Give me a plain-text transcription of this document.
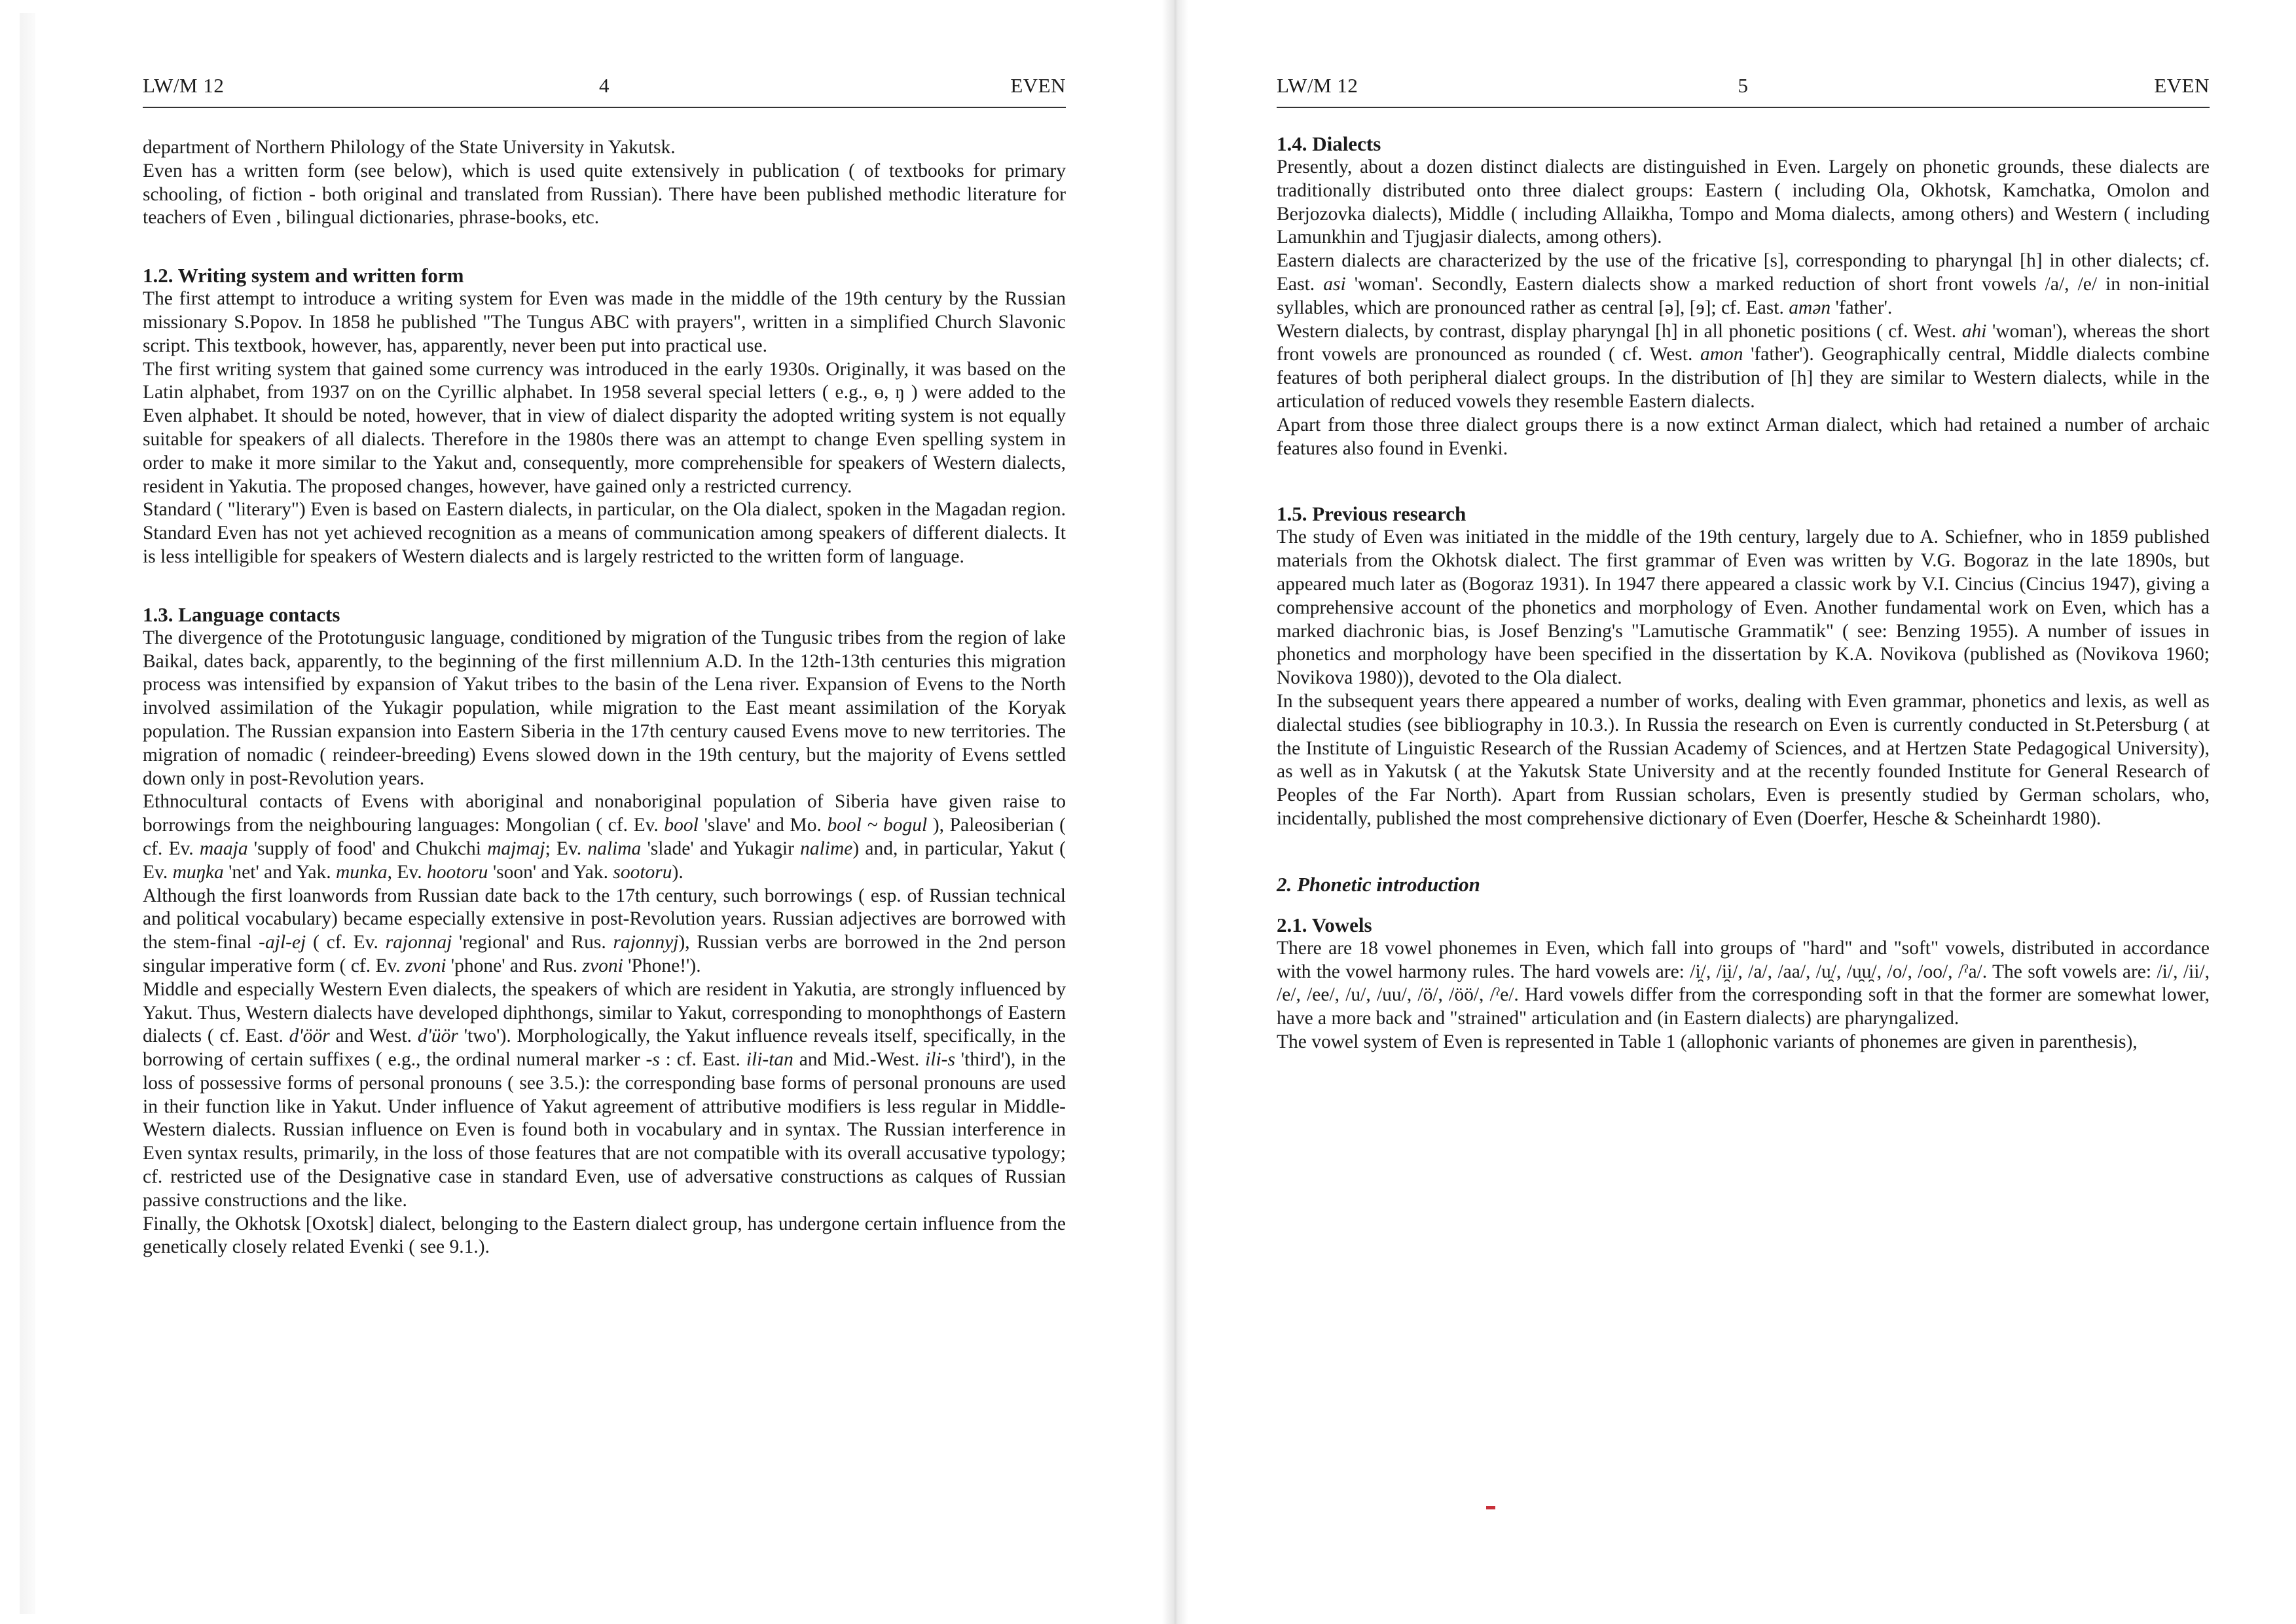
LW/M 12	4	EVEN

department of Northern Philology of the State University in Yakutsk.

Even has a written form (see below), which is used quite extensively in publication ( of textbooks for primary schooling, of fiction - both original and translated from Russian). There have been published methodic literature for teachers of Even , bilingual dictionaries, phrase-books, etc.

1.2. Writing system and written form

The first attempt to introduce a writing system for Even was made in the middle of the 19th century by the Russian missionary S.Popov. In 1858 he published "The Tungus ABC with prayers", written in a simplified Church Slavonic script. This textbook, however, has, apparently, never been put into practical use.

The first writing system that gained some currency was introduced in the early 1930s. Originally, it was based on the Latin alphabet, from 1937 on on the Cyrillic alphabet. In 1958 several special letters ( e.g., ө, ŋ ) were added to the Even alphabet. It should be noted, however, that in view of dialect disparity the adopted writing system is not equally suitable for speakers of all dialects. Therefore in the 1980s there was an attempt to change Even spelling system in order to make it more similar to the Yakut and, consequently, more comprehensible for speakers of Western dialects, resident in Yakutia. The proposed changes, however, have gained only a restricted currency.

Standard ( "literary") Even is based on Eastern dialects, in particular, on the Ola dialect, spoken in the Magadan region. Standard Even has not yet achieved recognition as a means of communication among speakers of different dialects. It is less intelligible for speakers of Western dialects and is largely restricted to the written form of language.

1.3. Language contacts

The divergence of the Prototungusic language, conditioned by migration of the Tungusic tribes from the region of lake Baikal, dates back, apparently, to the beginning of the first millennium A.D. In the 12th-13th centuries this migration process was intensified by expansion of Yakut tribes to the basin of the Lena river. Expansion of Evens to the North involved assimilation of the Yukagir population, while migration to the East meant assimilation of the Koryak population. The Russian expansion into Eastern Siberia in the 17th century caused Evens move to new territories. The migration of nomadic ( reindeer-breeding) Evens slowed down in the 19th century, but the majority of Evens settled down only in post-Revolution years.

Ethnocultural contacts of Evens with aboriginal and nonaboriginal population of Siberia have given raise to borrowings from the neighbouring languages: Mongolian ( cf. Ev. bool 'slave' and Mo. bool ~ bogul ), Paleosiberian ( cf. Ev. maaja 'supply of food' and Chukchi majmaj; Ev. nalima 'slade' and Yukagir nalime) and, in particular, Yakut ( Ev. muŋka 'net' and Yak. munka, Ev. hootoru 'soon' and Yak. sootoru).

Although the first loanwords from Russian date back to the 17th century, such borrowings ( esp. of Russian technical and political vocabulary) became especially extensive in post-Revolution years. Russian adjectives are borrowed with the stem-final -ajl-ej ( cf. Ev. rajonnaj 'regional' and Rus. rajonnyj), Russian verbs are borrowed in the 2nd person singular imperative form ( cf. Ev. zvoni 'phone' and Rus. zvoni 'Phone!').

Middle and especially Western Even dialects, the speakers of which are resident in Yakutia, are strongly influenced by Yakut. Thus, Western dialects have developed diphthongs, similar to Yakut, corresponding to monophthongs of Eastern dialects ( cf. East. d'öör and West. d'üör 'two'). Morphologically, the Yakut influence reveals itself, specifically, in the borrowing of certain suffixes ( e.g., the ordinal numeral marker -s : cf. East. ili-tan and Mid.-West. ili-s 'third'), in the loss of possessive forms of personal pronouns ( see 3.5.): the corresponding base forms of personal pronouns are used in their function like in Yakut. Under influence of Yakut agreement of attributive modifiers is less regular in Middle-Western dialects. Russian influence on Even is found both in vocabulary and in syntax. The Russian interference in Even syntax results, primarily, in the loss of those features that are not compatible with its overall accusative typology; cf. restricted use of the Designative case in standard Even, use of adversative constructions as calques of Russian passive constructions and the like.

Finally, the Okhotsk [Oxotsk] dialect, belonging to the Eastern dialect group, has undergone certain influence from the genetically closely related Evenki ( see 9.1.).

LW/M 12	5	EVEN
1.4. Dialects

Presently, about a dozen distinct dialects are distinguished in Even. Largely on phonetic grounds, these dialects are traditionally distributed onto three dialect groups: Eastern ( including Ola, Okhotsk, Kamchatka, Omolon and Berjozovka dialects), Middle ( including Allaikha, Tompo and Moma dialects, among others) and Western ( including Lamunkhin and Tjugjasir dialects, among others).

Eastern dialects are characterized by the use of the fricative [s], corresponding to pharyngal [h] in other dialects; cf. East. asi 'woman'. Secondly, Eastern dialects show a marked reduction of short front vowels /a/, /e/ in non-initial syllables, which are pronounced rather as central [ə], [ɘ]; cf. East. amən 'father'.

Western dialects, by contrast, display pharyngal [h] in all phonetic positions ( cf. West. ahi 'woman'), whereas the short front vowels are pronounced as rounded ( cf. West. amon 'father'). Geographically central, Middle dialects combine features of both peripheral dialect groups. In the distribution of [h] they are similar to Western dialects, while in the articulation of reduced vowels they resemble Eastern dialects.

Apart from those three dialect groups there is a now extinct Arman dialect, which had retained a number of archaic features also found in Evenki.

1.5. Previous research

The study of Even was initiated in the middle of the 19th century, largely due to A. Schiefner, who in 1859 published materials from the Okhotsk dialect. The first grammar of Even was written by V.G. Bogoraz in the late 1890s, but appeared much later as (Bogoraz 1931). In 1947 there appeared a classic work by V.I. Cincius (Cincius 1947), giving a comprehensive account of the phonetics and morphology of Even. Another fundamental work on Even, which has a marked diachronic bias, is Josef Benzing's "Lamutische Grammatik" ( see: Benzing 1955). A number of issues in phonetics and morphology have been specified in the dissertation by K.A. Novikova (published as (Novikova 1960; Novikova 1980)), devoted to the Ola dialect.

In the subsequent years there appeared a number of works, dealing with Even grammar, phonetics and lexis, as well as dialectal studies (see bibliography in 10.3.). In Russia the research on Even is currently conducted in St.Petersburg ( at the Institute of Linguistic Research of the Russian Academy of Sciences, and at Hertzen State Pedagogical University), as well as in Yakutsk ( at the Yakutsk State University and at the recently founded Institute for General Research of Peoples of the Far North). Apart from Russian scholars, Even is presently studied by German scholars, who, incidentally, published the most comprehensive dictionary of Even (Doerfer, Hesche & Scheinhardt 1980).

2. Phonetic introduction
2.1. Vowels

There are 18 vowel phonemes in Even, which fall into groups of "hard" and "soft" vowels, distributed in accordance with the vowel harmony rules. The hard vowels are: /i̯/, /i̯i/, /a/, /aa/, /u̯/, /u̯u̯/, /o/, /oo/, /ˀa/. The soft vowels are: /i/, /ii/, /e/, /ee/, /u/, /uu/, /ö/, /öö/, /ˀe/. Hard vowels differ from the corresponding soft in that the former are somewhat lower, have a more back and "strained" articulation and (in Eastern dialects) are pharyngalized.

The vowel system of Even is represented in Table 1 (allophonic variants of phonemes are given in parenthesis),
